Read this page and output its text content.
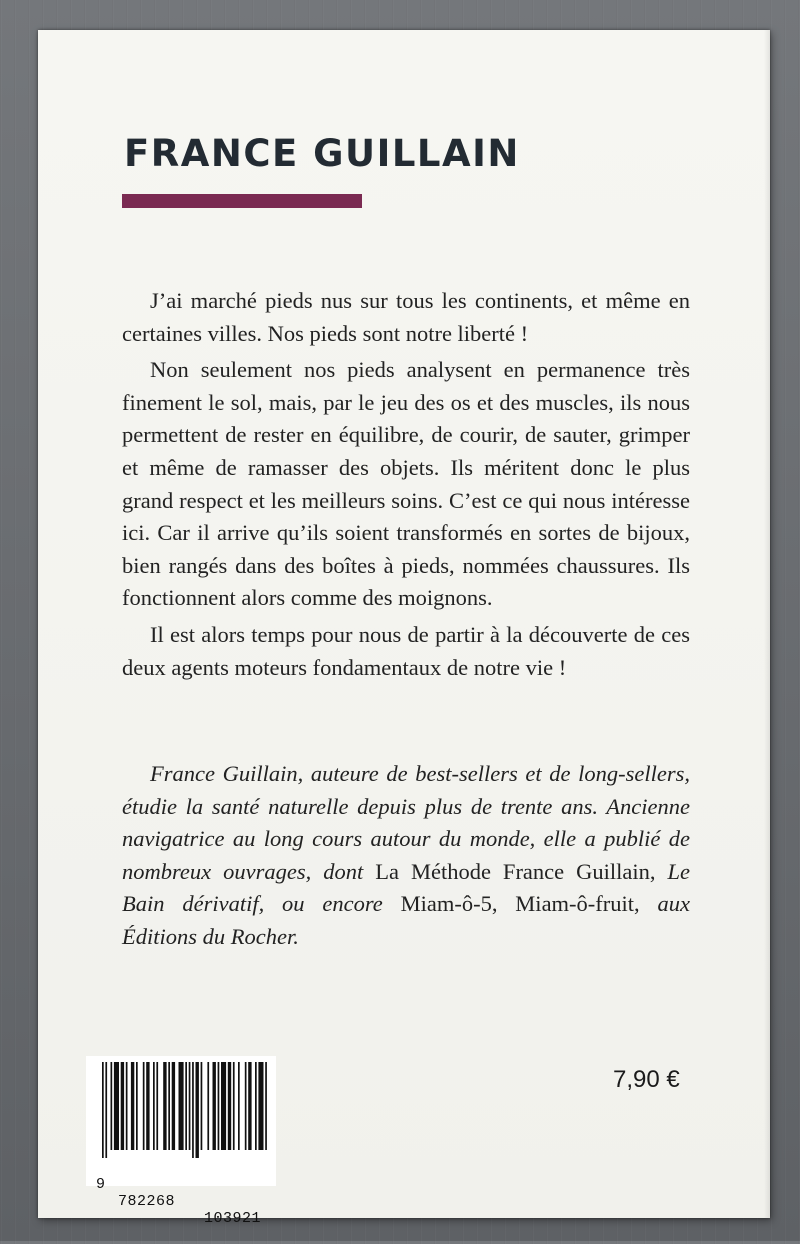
FRANCE GUILLAIN

J’ai marché pieds nus sur tous les continents, et même en certaines villes. Nos pieds sont notre liberté !

Non seulement nos pieds analysent en permanence très finement le sol, mais, par le jeu des os et des muscles, ils nous permettent de rester en équilibre, de courir, de sauter, grimper et même de ramasser des objets. Ils méritent donc le plus grand respect et les meilleurs soins. C’est ce qui nous intéresse ici. Car il arrive qu’ils soient transformés en sortes de bijoux, bien rangés dans des boîtes à pieds, nommées chaussures. Ils fonctionnent alors comme des moignons.

Il est alors temps pour nous de partir à la découverte de ces deux agents moteurs fondamentaux de notre vie !

France Guillain, auteure de best-sellers et de long-sellers, étudie la santé naturelle depuis plus de trente ans. Ancienne navigatrice au long cours autour du monde, elle a publié de nombreux ouvrages, dont La Méthode France Guillain, Le Bain dérivatif, ou encore Miam-ô-5, Miam-ô-fruit, aux Éditions du Rocher.

9

782268

103921

7,90 €
